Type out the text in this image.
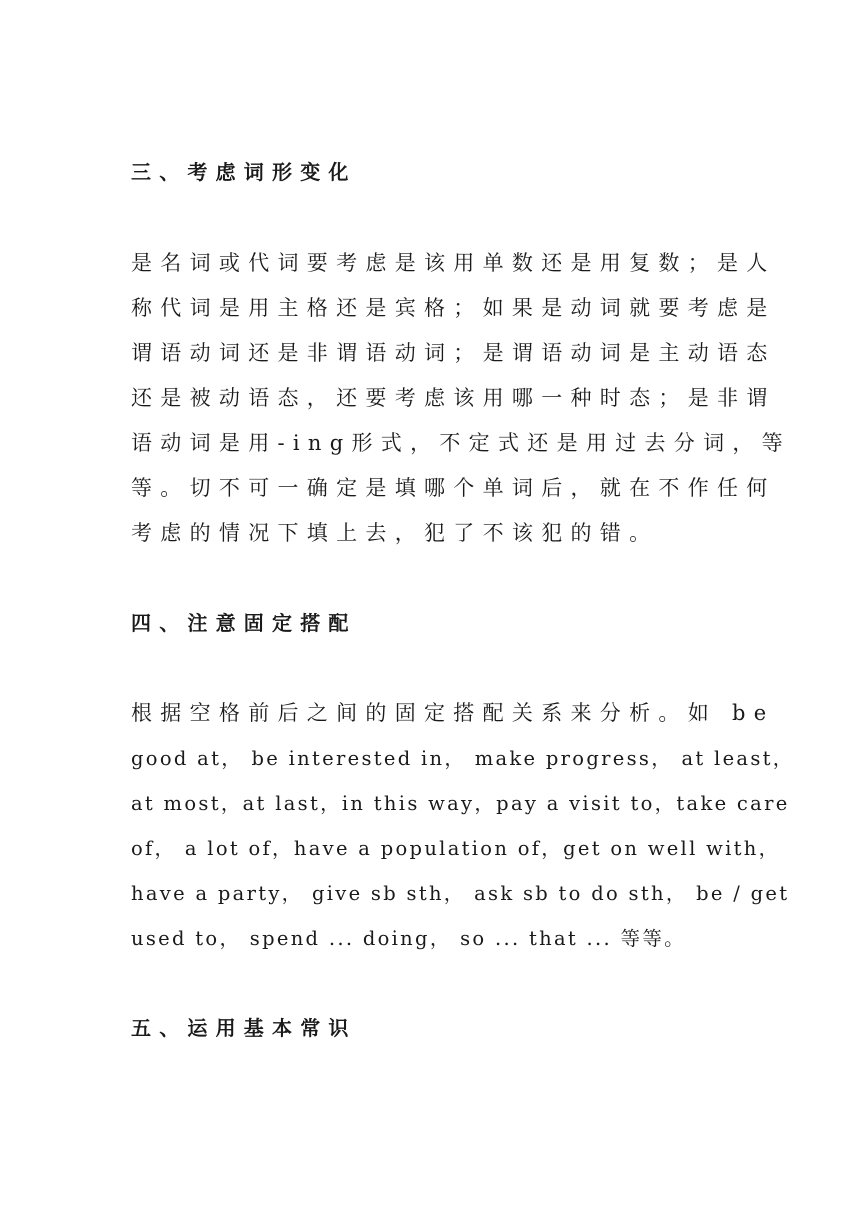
三、考虑词形变化
是名词或代词要考虑是该用单数还是用复数；是人
称代词是用主格还是宾格；如果是动词就要考虑是
谓语动词还是非谓语动词；是谓语动词是主动语态
还是被动语态，还要考虑该用哪一种时态；是非谓
语动词是用-ing形式，不定式还是用过去分词，等
等。切不可一确定是填哪个单词后，就在不作任何
考虑的情况下填上去，犯了不该犯的错。
四、注意固定搭配
根据空格前后之间的固定搭配关系来分析。如 be
good at， be interested in， make progress， at least，
at most，at last，in this way，pay a visit to，take care
of， a lot of，have a population of，get on well with，
have a party， give sb sth， ask sb to do sth， be / get
used to， spend ... doing， so ... that ... 等等。
五、运用基本常识
